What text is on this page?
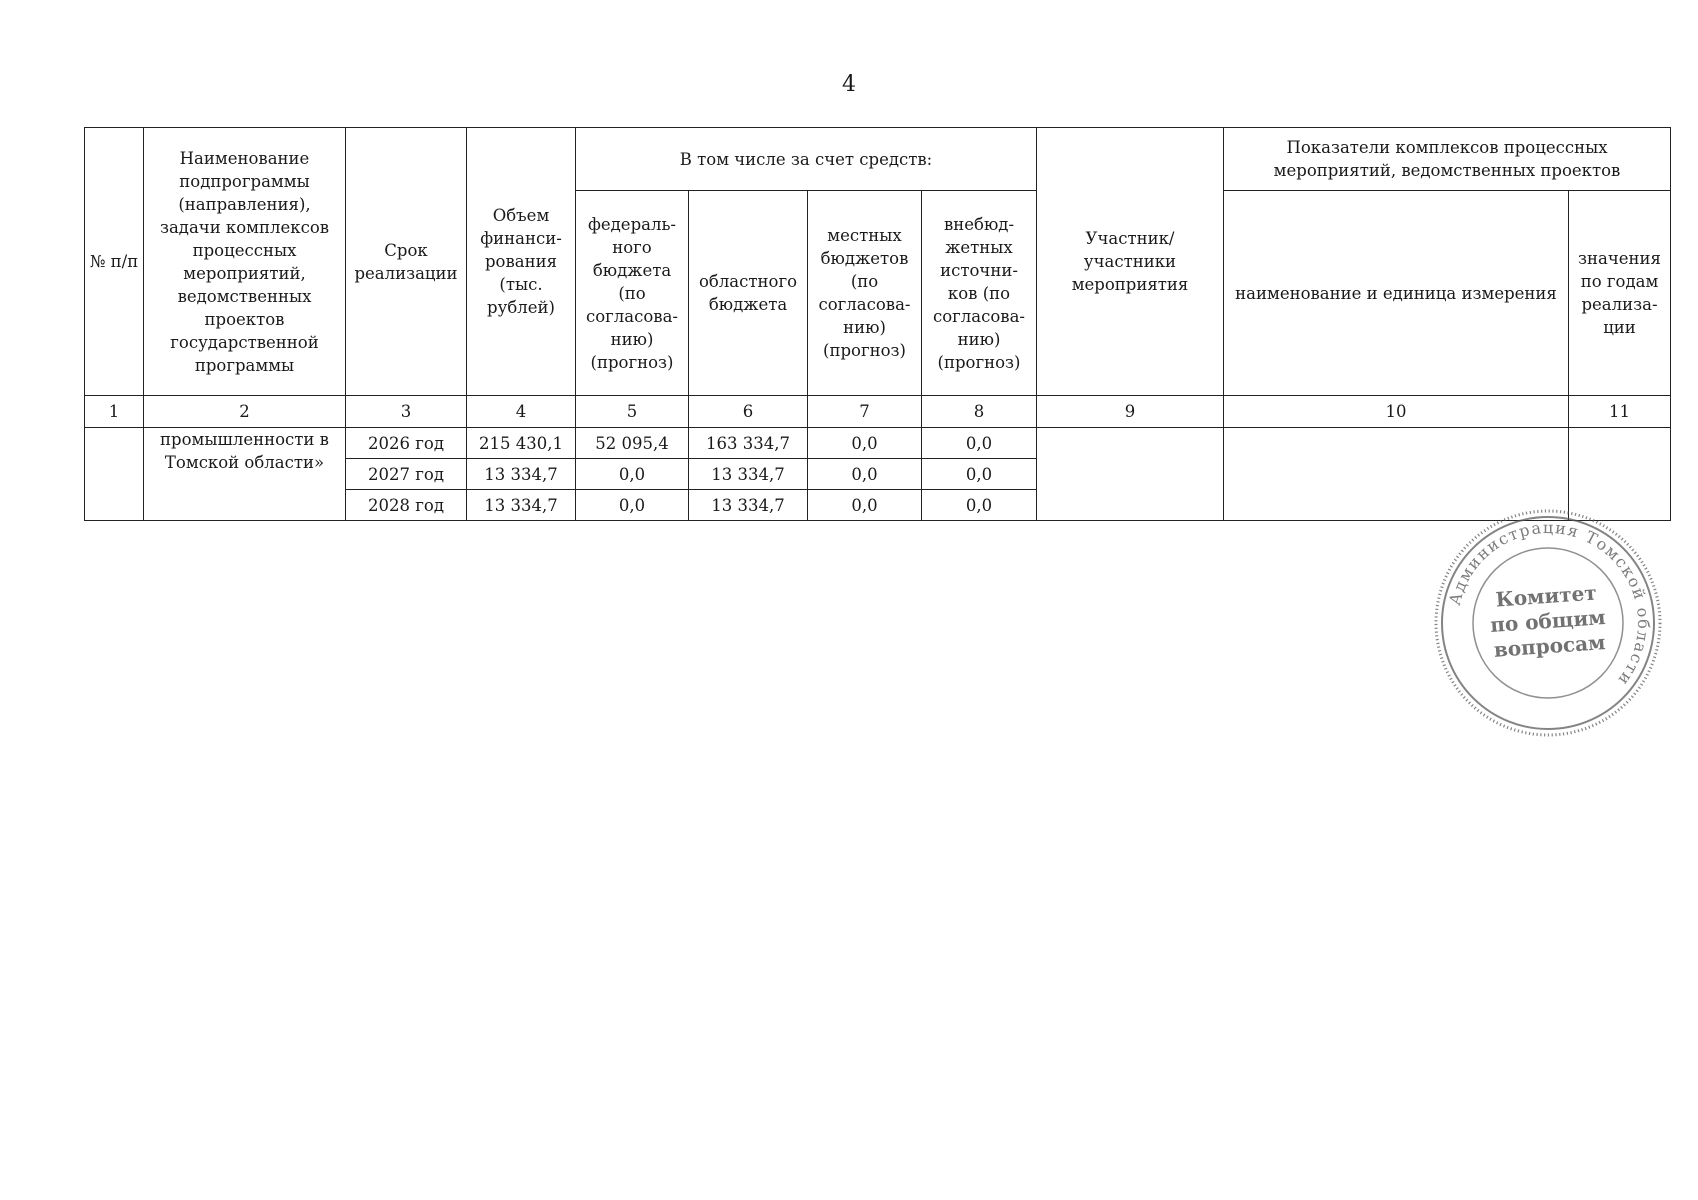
4
№ п/п	Наименование подпрограммы (направления), задачи комплексов процессных мероприятий, ведомственных проектов государственной программы	Срок реализации	Объем финанси-рования (тыс. рублей)	В том числе за счет средств:				Участник/ участники мероприятия	Показатели комплексов процессных мероприятий, ведомственных проектов	
				федераль-ного бюджета (по согласова-нию) (прогноз)	областного бюджета	местных бюджетов (по согласова-нию) (прогноз)	внебюд-жетных источни-ков (по согласова-нию) (прогноз)		наименование и единица измерения	значения по годам реализа-ции
1	2	3	4	5	6	7	8	9	10	11
	промышленности в Томской области»	2026 год	215 430,1	52 095,4	163 334,7	0,0	0,0			
		2027 год	13 334,7	0,0	13 334,7	0,0	0,0			
		2028 год	13 334,7	0,0	13 334,7	0,0	0,0			
Администрация Томской области
Комитет
по общим
вопросам
